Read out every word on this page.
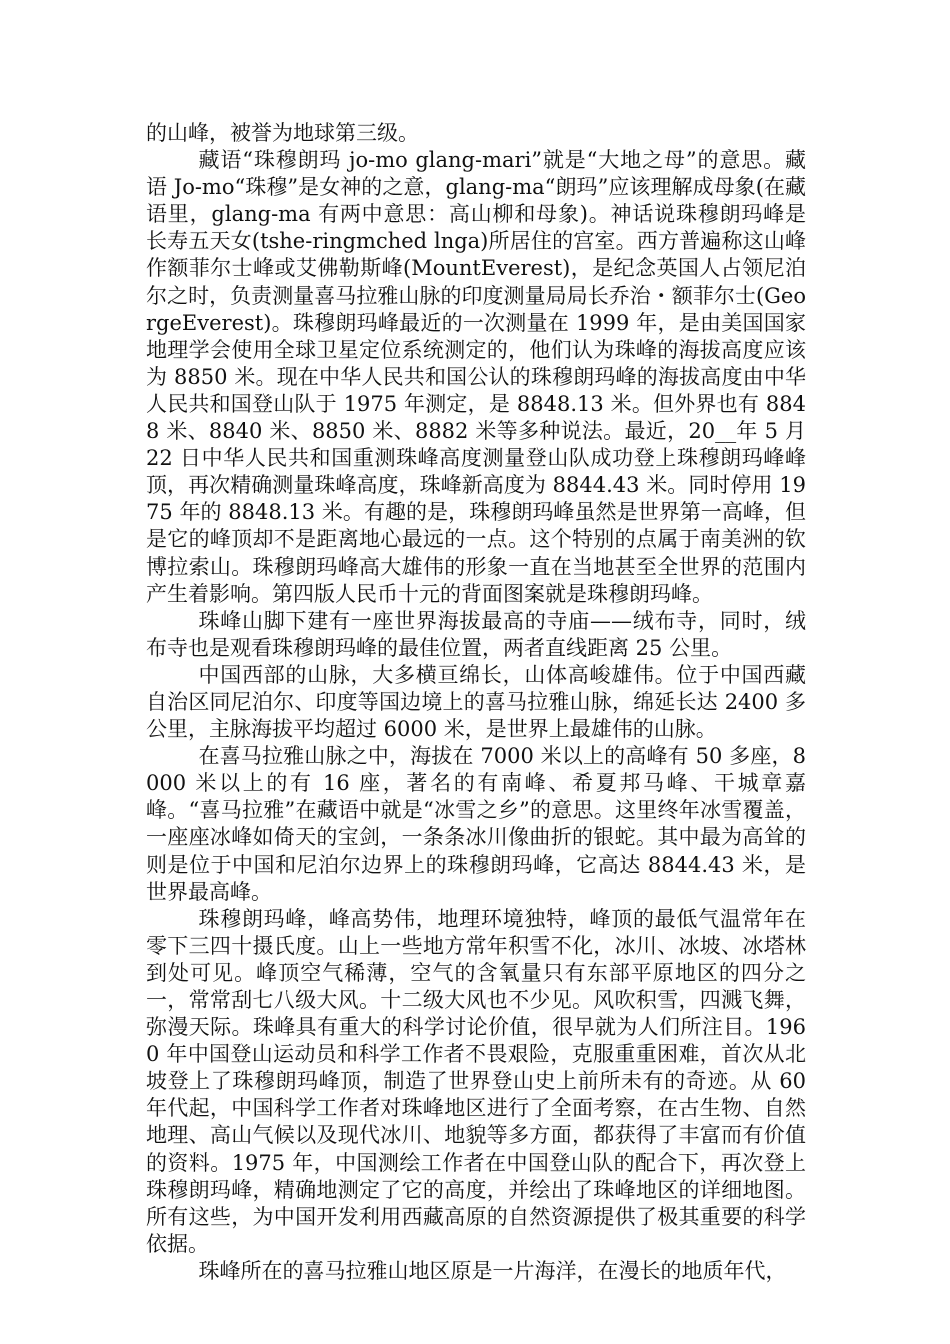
的山峰，被誉为地球第三级。

藏语“珠穆朗玛 jo-mo glang-mari”就是“大地之母”的意思。藏语 Jo-mo“珠穆”是女神的之意，glang-ma“朗玛”应该理解成母象(在藏语里，glang-ma 有两中意思：高山柳和母象)。神话说珠穆朗玛峰是长寿五天女(tshe-ringmched lnga)所居住的宫室。西方普遍称这山峰作额菲尔士峰或艾佛勒斯峰(MountEverest)，是纪念英国人占领尼泊尔之时，负责测量喜马拉雅山脉的印度测量局局长乔治・额菲尔士(GeorgeEverest)。珠穆朗玛峰最近的一次测量在 1999 年，是由美国国家地理学会使用全球卫星定位系统测定的，他们认为珠峰的海拔高度应该为 8850 米。现在中华人民共和国公认的珠穆朗玛峰的海拔高度由中华人民共和国登山队于 1975 年测定，是 8848.13 米。但外界也有 8848 米、8840 米、8850 米、8882 米等多种说法。最近，20__年 5 月 22 日中华人民共和国重测珠峰高度测量登山队成功登上珠穆朗玛峰峰顶，再次精确测量珠峰高度，珠峰新高度为 8844.43 米。同时停用 1975 年的 8848.13 米。有趣的是，珠穆朗玛峰虽然是世界第一高峰，但是它的峰顶却不是距离地心最远的一点。这个特别的点属于南美洲的钦博拉索山。珠穆朗玛峰高大雄伟的形象一直在当地甚至全世界的范围内产生着影响。第四版人民币十元的背面图案就是珠穆朗玛峰。

珠峰山脚下建有一座世界海拔最高的寺庙——绒布寺，同时，绒布寺也是观看珠穆朗玛峰的最佳位置，两者直线距离 25 公里。

中国西部的山脉，大多横亘绵长，山体高峻雄伟。位于中国西藏自治区同尼泊尔、印度等国边境上的喜马拉雅山脉，绵延长达 2400 多公里，主脉海拔平均超过 6000 米，是世界上最雄伟的山脉。

在喜马拉雅山脉之中，海拔在 7000 米以上的高峰有 50 多座，8000 米以上的有 16 座，著名的有南峰、希夏邦马峰、干城章嘉峰。“喜马拉雅”在藏语中就是“冰雪之乡”的意思。这里终年冰雪覆盖，一座座冰峰如倚天的宝剑，一条条冰川像曲折的银蛇。其中最为高耸的则是位于中国和尼泊尔边界上的珠穆朗玛峰，它高达 8844.43 米，是世界最高峰。

珠穆朗玛峰，峰高势伟，地理环境独特，峰顶的最低气温常年在零下三四十摄氏度。山上一些地方常年积雪不化，冰川、冰坡、冰塔林到处可见。峰顶空气稀薄，空气的含氧量只有东部平原地区的四分之一，常常刮七八级大风。十二级大风也不少见。风吹积雪，四溅飞舞，弥漫天际。珠峰具有重大的科学讨论价值，很早就为人们所注目。1960 年中国登山运动员和科学工作者不畏艰险，克服重重困难，首次从北坡登上了珠穆朗玛峰顶，制造了世界登山史上前所未有的奇迹。从 60 年代起，中国科学工作者对珠峰地区进行了全面考察，在古生物、自然地理、高山气候以及现代冰川、地貌等多方面，都获得了丰富而有价值的资料。1975 年，中国测绘工作者在中国登山队的配合下，再次登上珠穆朗玛峰，精确地测定了它的高度，并绘出了珠峰地区的详细地图。所有这些，为中国开发利用西藏高原的自然资源提供了极其重要的科学依据。

珠峰所在的喜马拉雅山地区原是一片海洋，在漫长的地质年代，
